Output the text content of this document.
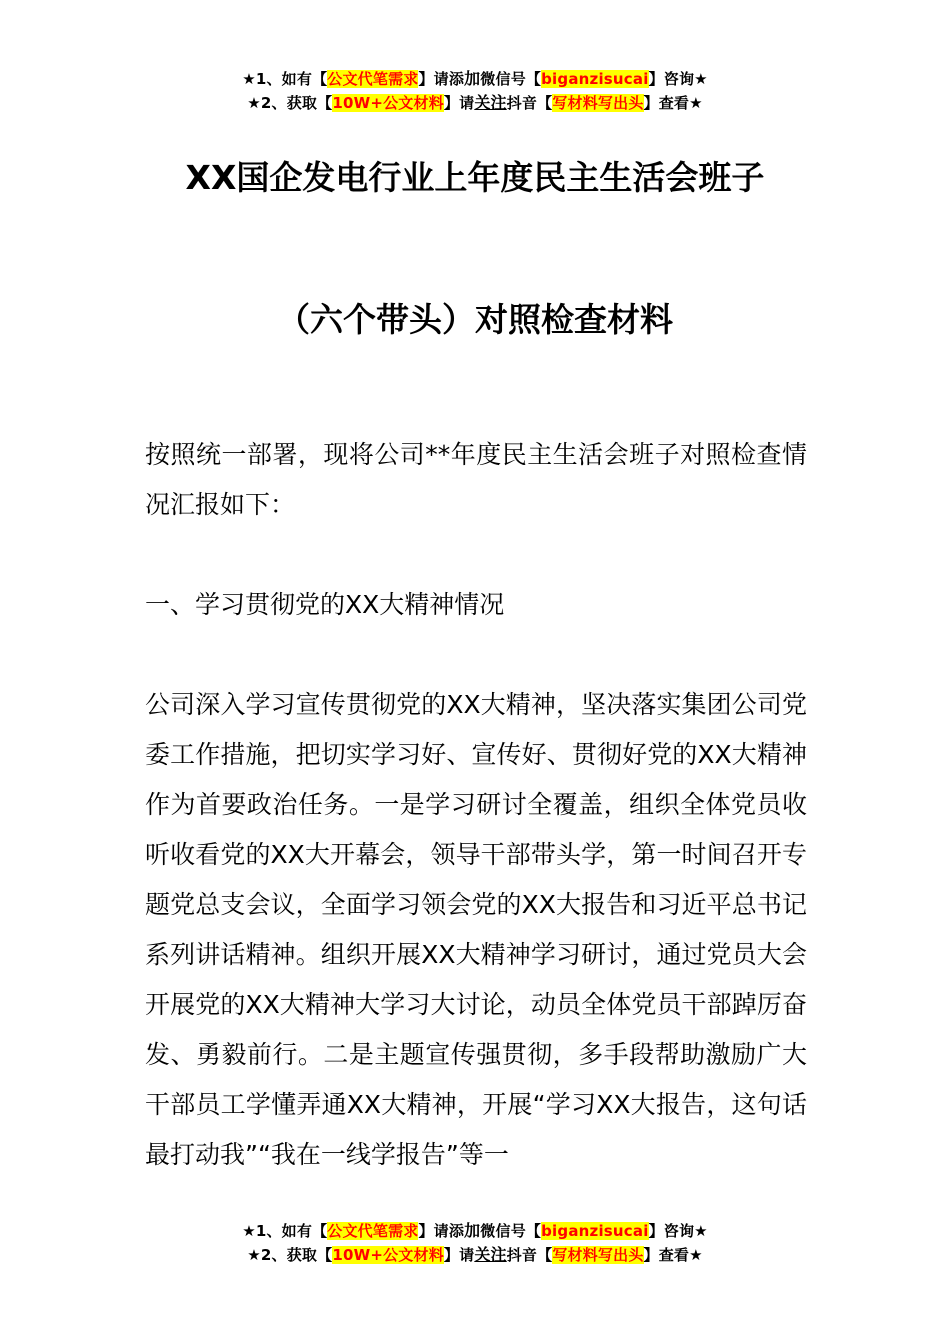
★1、如有【公文代笔需求】请添加微信号【biganzisucai】咨询★
★2、获取【10W+公文材料】请关注抖音【写材料写出头】查看★
XX国企发电行业上年度民主生活会班子
（六个带头）对照检查材料

按照统一部署，现将公司**年度民主生活会班子对照检查情况汇报如下：

一、学习贯彻党的XX大精神情况

公司深入学习宣传贯彻党的XX大精神，坚决落实集团公司党委工作措施，把切实学习好、宣传好、贯彻好党的XX大精神作为首要政治任务。一是学习研讨全覆盖，组织全体党员收听收看党的XX大开幕会，领导干部带头学，第一时间召开专题党总支会议，全面学习领会党的XX大报告和习近平总书记系列讲话精神。组织开展XX大精神学习研讨，通过党员大会开展党的XX大精神大学习大讨论，动员全体党员干部踔厉奋发、勇毅前行。二是主题宣传强贯彻，多手段帮助激励广大干部员工学懂弄通XX大精神，开展“学习XX大报告，这句话最打动我”“我在一线学报告”等一

★1、如有【公文代笔需求】请添加微信号【biganzisucai】咨询★
★2、获取【10W+公文材料】请关注抖音【写材料写出头】查看★
